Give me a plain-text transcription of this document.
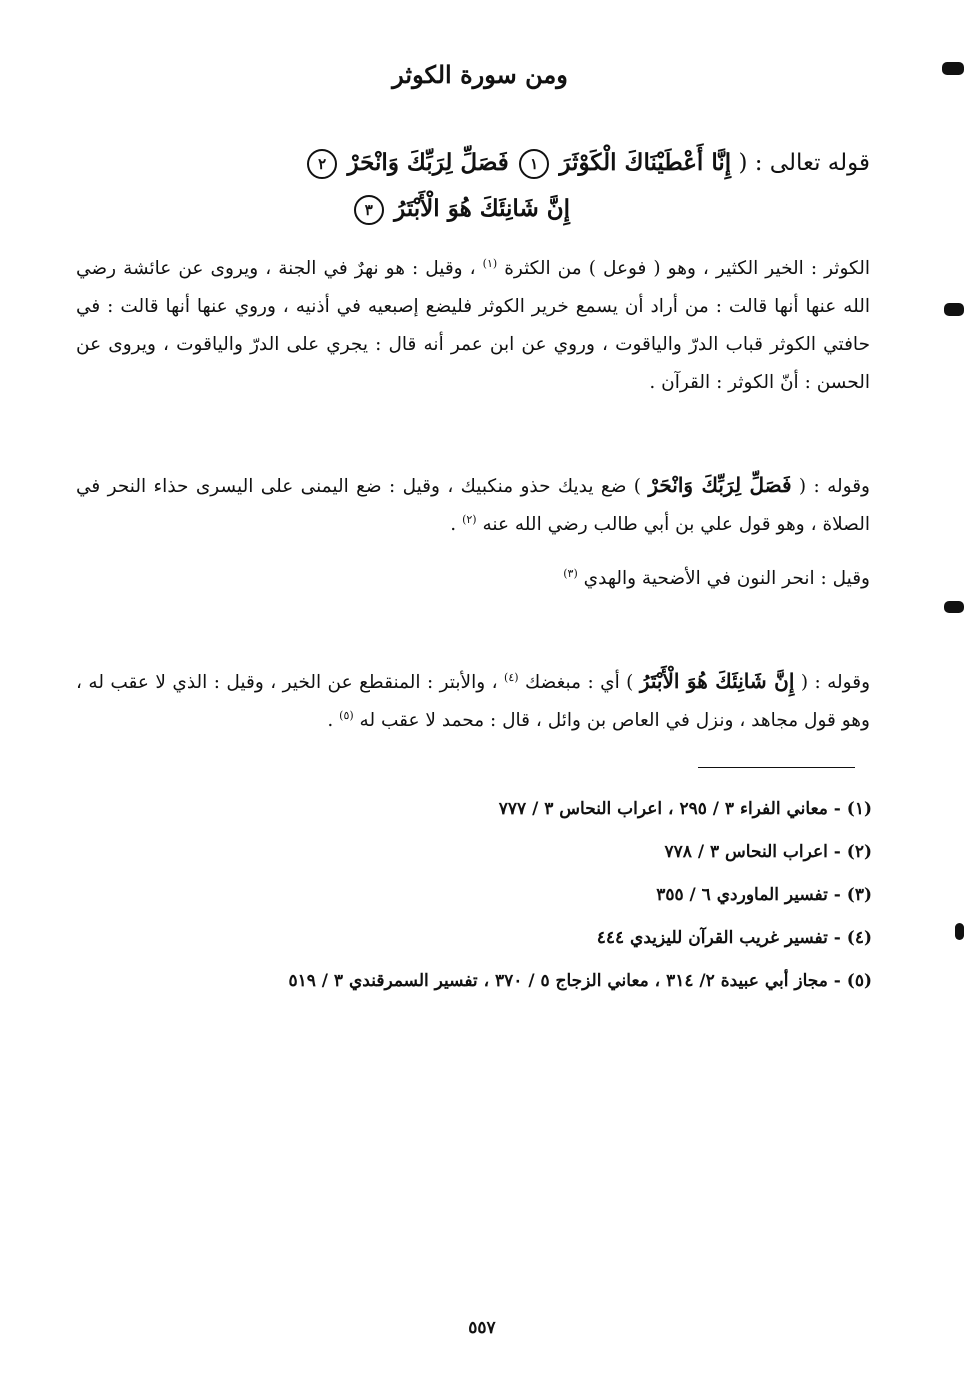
ومن سورة الكوثر
قوله تعالى : ( إِنَّا أَعْطَيْنَاكَ الْكَوْثَرَ ١ فَصَلِّ لِرَبِّكَ وَانْحَرْ ٢
إِنَّ شَانِئَكَ هُوَ الْأَبْتَرُ ٣
الكوثر : الخير الكثير ، وهو ( فوعل ) من الكثرة $^{(١)}$ ، وقيل : هو نهرٌ في الجنة ، ويروى عن عائشة رضي الله عنها أنها قالت : من أراد أن يسمع خرير الكوثر فليضع إصبعيه في أذنيه ، وروي عنها أنها قالت : في حافتي الكوثر قباب الدرّ والياقوت ، وروي عن ابن عمر أنه قال : يجري على الدرّ والياقوت ، ويروى عن الحسن : أنّ الكوثر : القرآن .
وقوله : ( فَصَلِّ لِرَبِّكَ وَانْحَرْ ) ضع يديك حذو منكبيك ، وقيل : ضع اليمنى على اليسرى حذاء النحر في الصلاة ، وهو قول علي بن أبي طالب رضي الله عنه $^{(٢)}$ .
وقيل : انحر النون في الأضحية والهدي $^{(٣)}$
وقوله : ( إِنَّ شَانِئَكَ هُوَ الْأَبْتَرُ ) أي : مبغضك $^{(٤)}$ ، والأبتر : المنقطع عن الخير ، وقيل : الذي لا عقب له ، وهو قول مجاهد ، ونزل في العاص بن وائل ، قال : محمد لا عقب له $^{(٥)}$ .
(١) - معاني الفراء ٣ / ٢٩٥ ، اعراب النحاس ٣ / ٧٧٧
(٢) - اعراب النحاس ٣ / ٧٧٨
(٣) - تفسير الماوردي ٦ / ٣٥٥
(٤) - تفسير غريب القرآن لليزيدي ٤٤٤
(٥) - مجاز أبي عبيدة ٢/ ٣١٤ ، معاني الزجاج ٥ / ٣٧٠ ، تفسير السمرقندي ٣ / ٥١٩
٥٥٧
